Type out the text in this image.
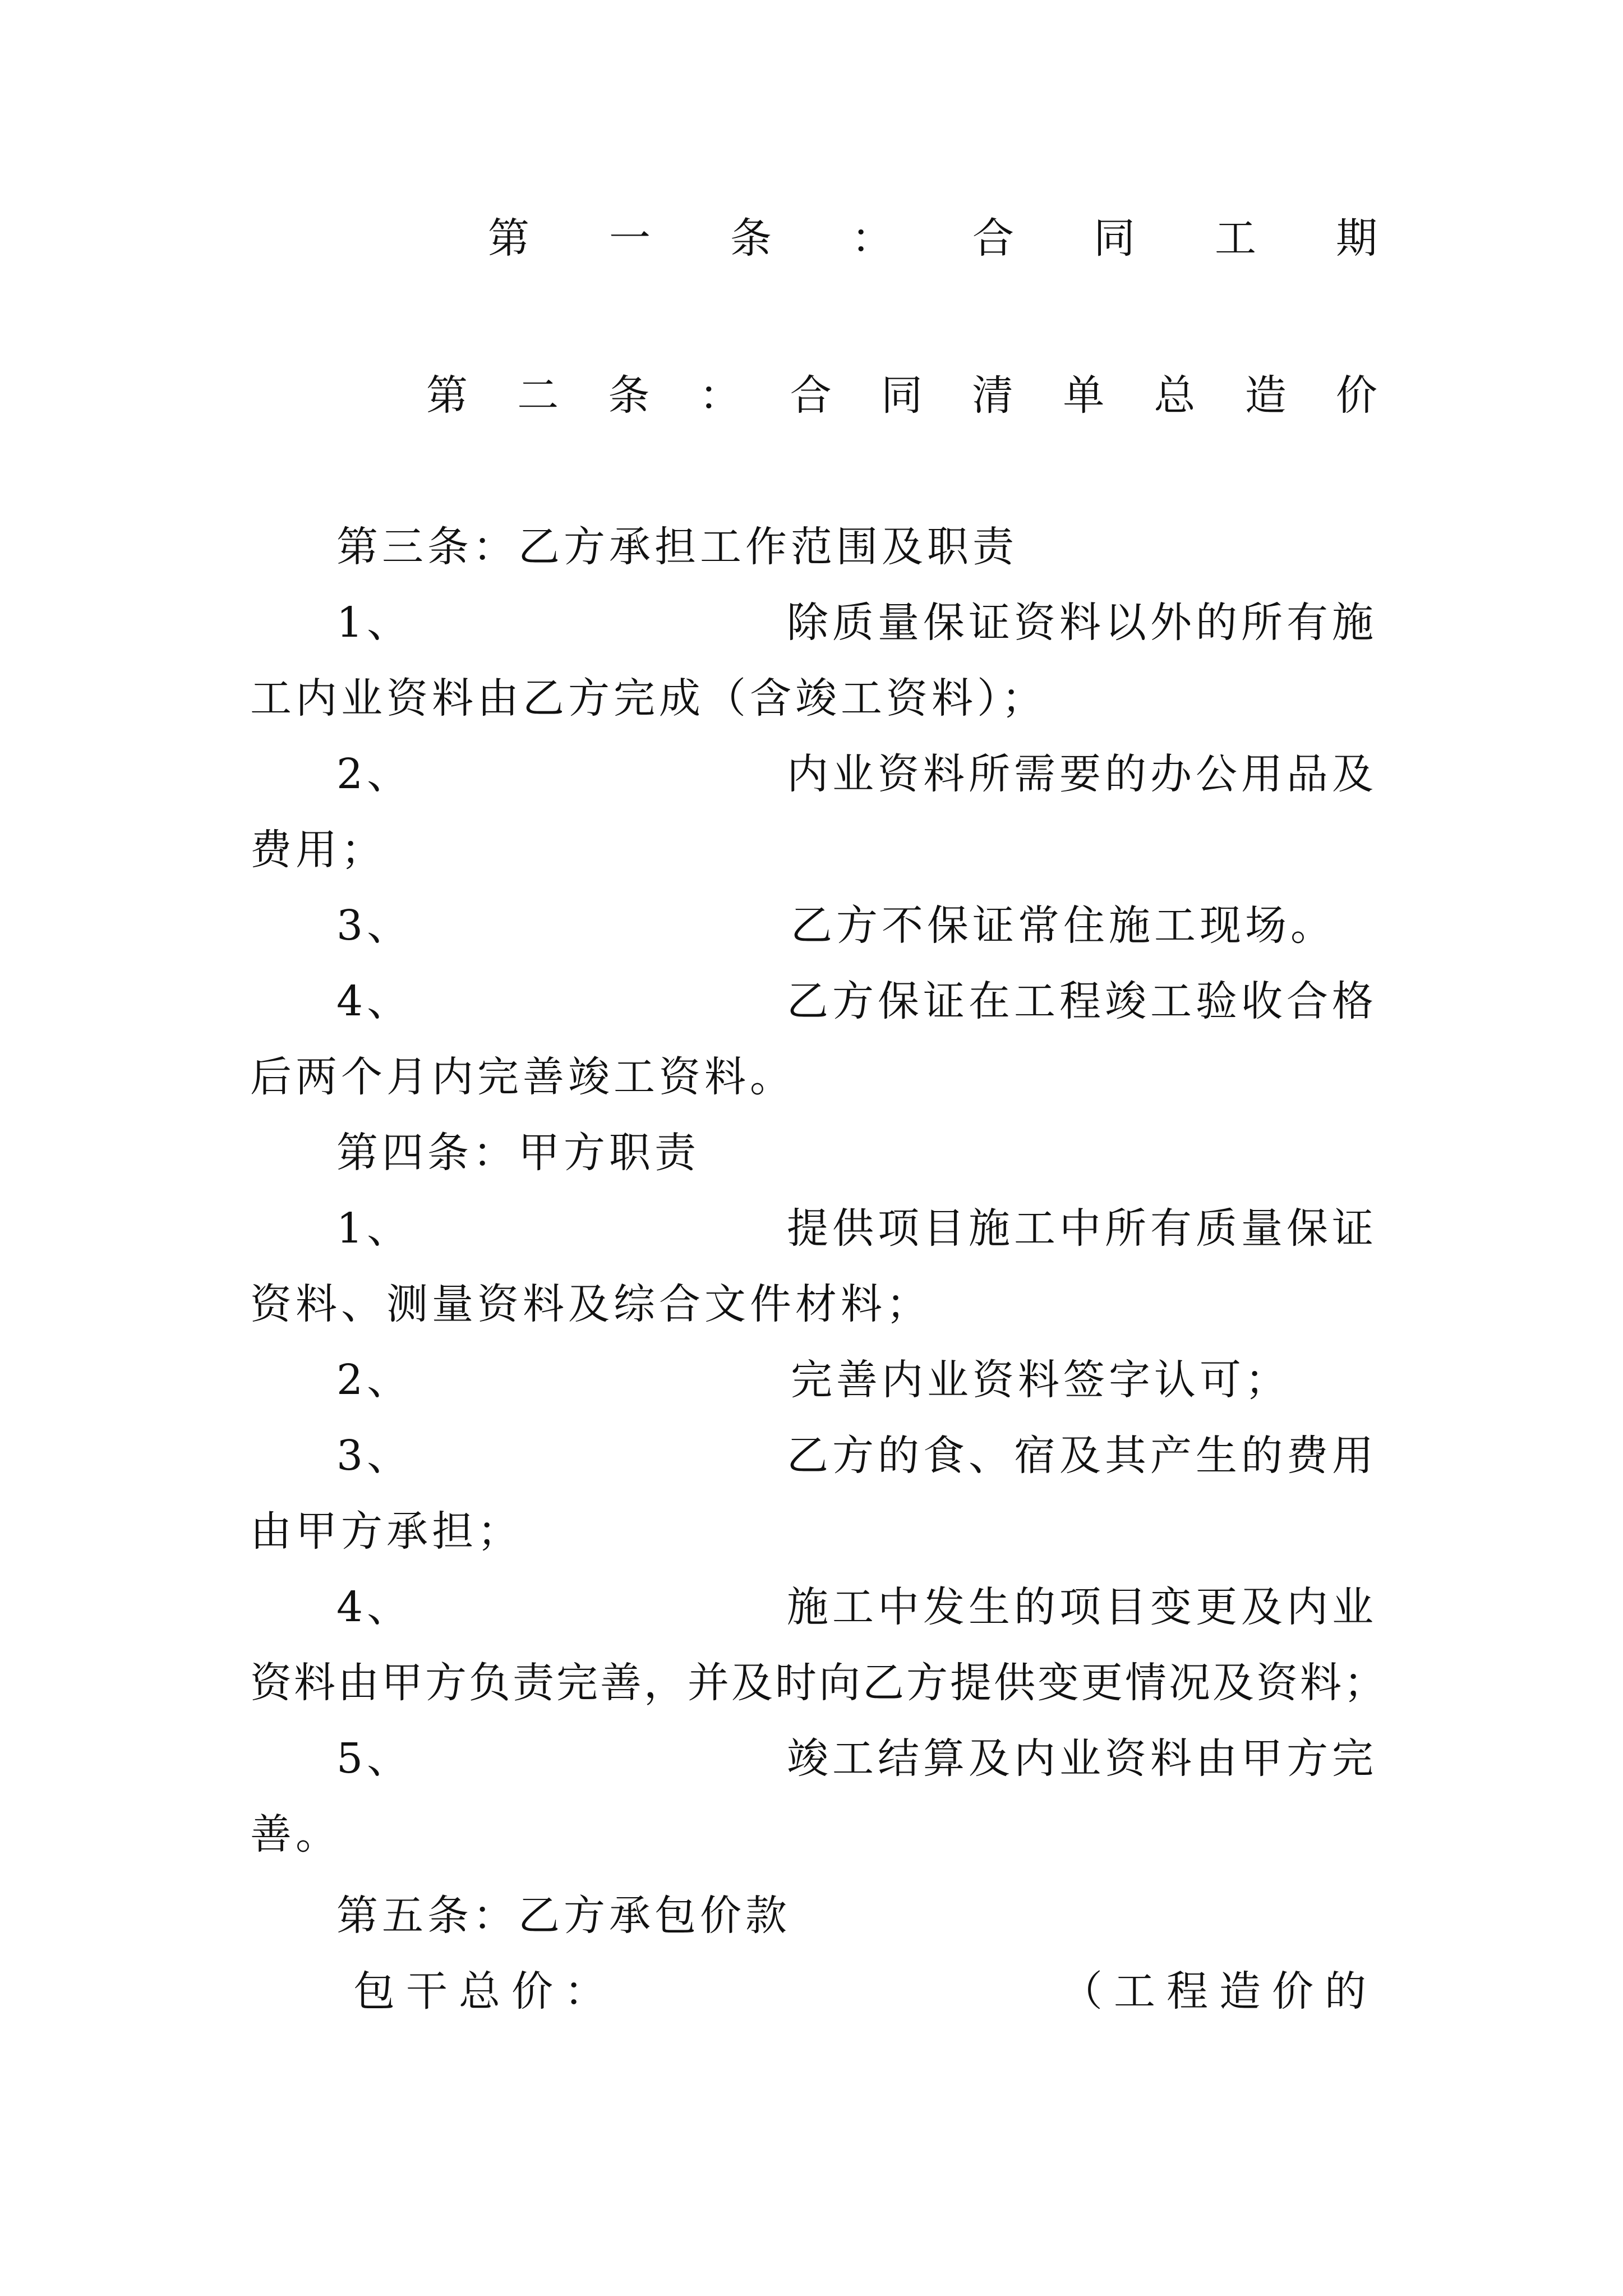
第 一 条 ： 合 同 工 期
第 二 条 ： 合 同 清 单 总 造 价
第三条：乙方承担工作范围及职责
1、	除质量保证资料以外的所有施
工内业资料由乙方完成（含竣工资料）；
2、	内业资料所需要的办公用品及
费用；
3、	乙方不保证常住施工现场。
4、	乙方保证在工程竣工验收合格
后两个月内完善竣工资料。
第四条：甲方职责
1、	提供项目施工中所有质量保证
资料、测量资料及综合文件材料；
2、	完善内业资料签字认可；
3、	乙方的食、宿及其产生的费用
由甲方承担；
4、	施工中发生的项目变更及内业
资料由甲方负责完善，并及时向乙方提供变更情况及资料；
5、	竣工结算及内业资料由甲方完
善。
第五条：乙方承包价款
包干总价：	（工程造价的
